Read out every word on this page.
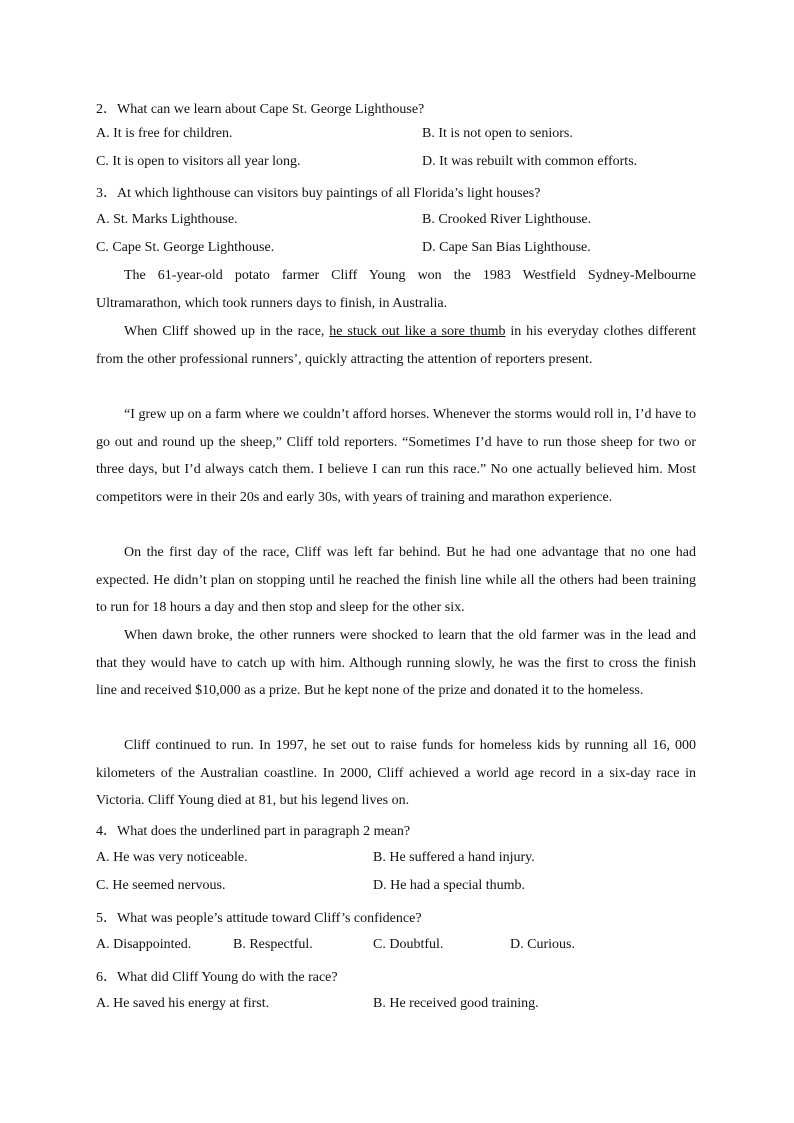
2．What can we learn about Cape St. George Lighthouse?
A. It is free for children.	B. It is not open to seniors.
C. It is open to visitors all year long.	D. It was rebuilt with common efforts.
3．At which lighthouse can visitors buy paintings of all Florida’s light houses?
A. St. Marks Lighthouse.	B. Crooked River Lighthouse.
C. Cape St. George Lighthouse.	D. Cape San Bias Lighthouse.
The 61-year-old potato farmer Cliff Young won the 1983 Westfield Sydney-Melbourne Ultramarathon, which took runners days to finish, in Australia.
When Cliff showed up in the race, he stuck out like a sore thumb in his everyday clothes different from the other professional runners’, quickly attracting the attention of reporters present.
“I grew up on a farm where we couldn’t afford horses. Whenever the storms would roll in, I’d have to go out and round up the sheep,” Cliff told reporters. “Sometimes I’d have to run those sheep for two or three days, but I’d always catch them. I believe I can run this race.” No one actually believed him. Most competitors were in their 20s and early 30s, with years of training and marathon experience.
On the first day of the race, Cliff was left far behind. But he had one advantage that no one had expected. He didn’t plan on stopping until he reached the finish line while all the others had been training to run for 18 hours a day and then stop and sleep for the other six.
When dawn broke, the other runners were shocked to learn that the old farmer was in the lead and that they would have to catch up with him. Although running slowly, he was the first to cross the finish line and received $10,000 as a prize. But he kept none of the prize and donated it to the homeless.
Cliff continued to run. In 1997, he set out to raise funds for homeless kids by running all 16, 000 kilometers of the Australian coastline. In 2000, Cliff achieved a world age record in a six-day race in Victoria. Cliff Young died at 81, but his legend lives on.
4．What does the underlined part in paragraph 2 mean?
A. He was very noticeable.	B. He suffered a hand injury.
C. He seemed nervous.	D. He had a special thumb.
5．What was people’s attitude toward Cliff’s confidence?
A. Disappointed.	B. Respectful.	C. Doubtful.	D. Curious.
6．What did Cliff Young do with the race?
A. He saved his energy at first.	B. He received good training.
